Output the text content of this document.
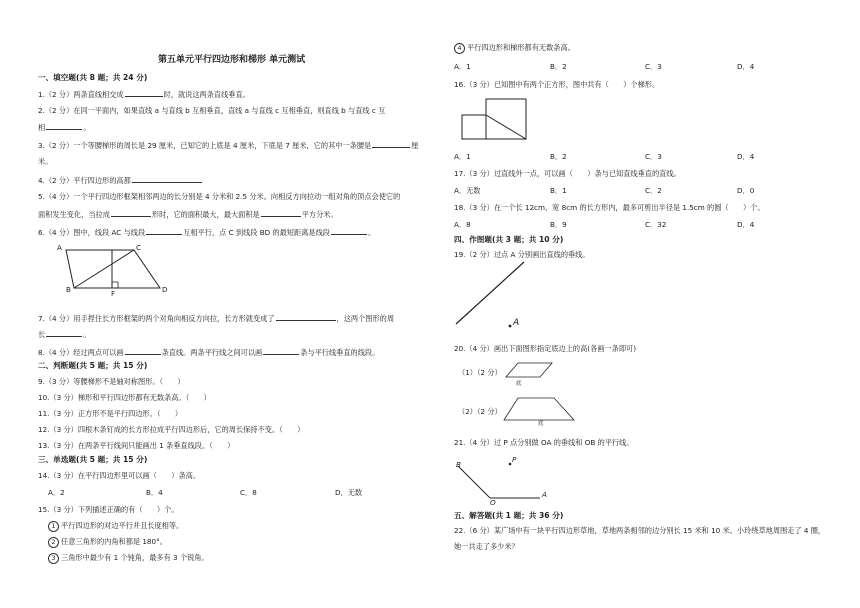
第五单元平行四边形和梯形 单元测试
一、填空题(共 8 题；共 24 分)
1.（2 分）两条直线相交成	时，就说这两条直线垂直。
2.（2 分）在同一平面内，如果直线 a 与直线 b 互相垂直，直线 a 与直线 c 互相垂直，则直线 b 与直线 c 互
相	。
3.（2 分）一个等腰梯形的周长是 29 厘米，已知它的上底是 4 厘米，下底是 7 厘米，它的其中一条腰是	厘
米。
4.（2 分）平行四边形的高都
5.（4 分）一个平行四边形框架相邻两边的长分别是 4 分米和 2.5 分米。向相反方向拉动一组对角的顶点会使它的
面积发生变化，当拉成	形时，它的面积最大，最大面积是	平方分米。
6.（4 分）图中，线段 AC 与线段	互相平行，点 C 到线段 BD 的最短距离是线段	。
A	C
B	F	D
7.（4 分）用手捏住长方形框架的两个对角向相反方向拉，长方形就变成了	，这两个图形的周
长	。
8.（4 分）经过两点可以画	条直线。两条平行线之间可以画	条与平行线垂直的线段。
二、判断题(共 5 题；共 15 分)
9.（3 分）等腰梯形不是轴对称图形。（　　）
10.（3 分）梯形和平行四边形都有无数条高。（　　）
11.（3 分）正方形不是平行四边形。（　　）
12.（3 分）四根木条钉成的长方形拉成平行四边形后，它的周长保持不变。（　　）
13.（3 分）在两条平行线间只能画出 1 条垂直线段。（　　）
三、单选题(共 5 题；共 15 分)
14.（3 分）在平行四边形里可以画（　　）条高。
A．2	B．4	C．8	D．无数
15.（3 分）下列描述正确的有（　　）个。
1 平行四边形的对边平行并且长度相等。
2 任意三角形的内角和都是 180°。
3 三角形中最少有 1 个钝角，最多有 3 个锐角。
4 平行四边形和梯形都有无数条高。
A．1	B．2	C．3	D．4
16.（3 分）已知图中有两个正方形，图中共有（　　）个梯形。
A．1	B．2	C．3	D．4
17.（3 分）过直线外一点，可以画（　　）条与已知直线垂直的直线。
A．无数	B．1	C．2	D．0
18.（3 分）在一个长 12cm、宽 8cm 的长方形内，最多可剪出半径是 1.5cm 的圆（　　）个。
A．8	B．9	C．32	D．4
四、作图题(共 3 题；共 10 分)
19.（2 分）过点 A 分别画出直线的垂线。
A
20.（4 分）画出下面图形指定底边上的高(各画一条即可)
（1）（2 分）
底
（2）（2 分）
底
21.（4 分）过 P 点分别做 OA 的垂线和 OB 的平行线。
B
P
O
A
五、解答题(共 1 题；共 36 分)
22.（6 分）某广场中有一块平行四边形草地，草地两条相邻的边分别长 15 米和 10 米。小玲绕草地周围走了 4 圈，
她一共走了多少米？
